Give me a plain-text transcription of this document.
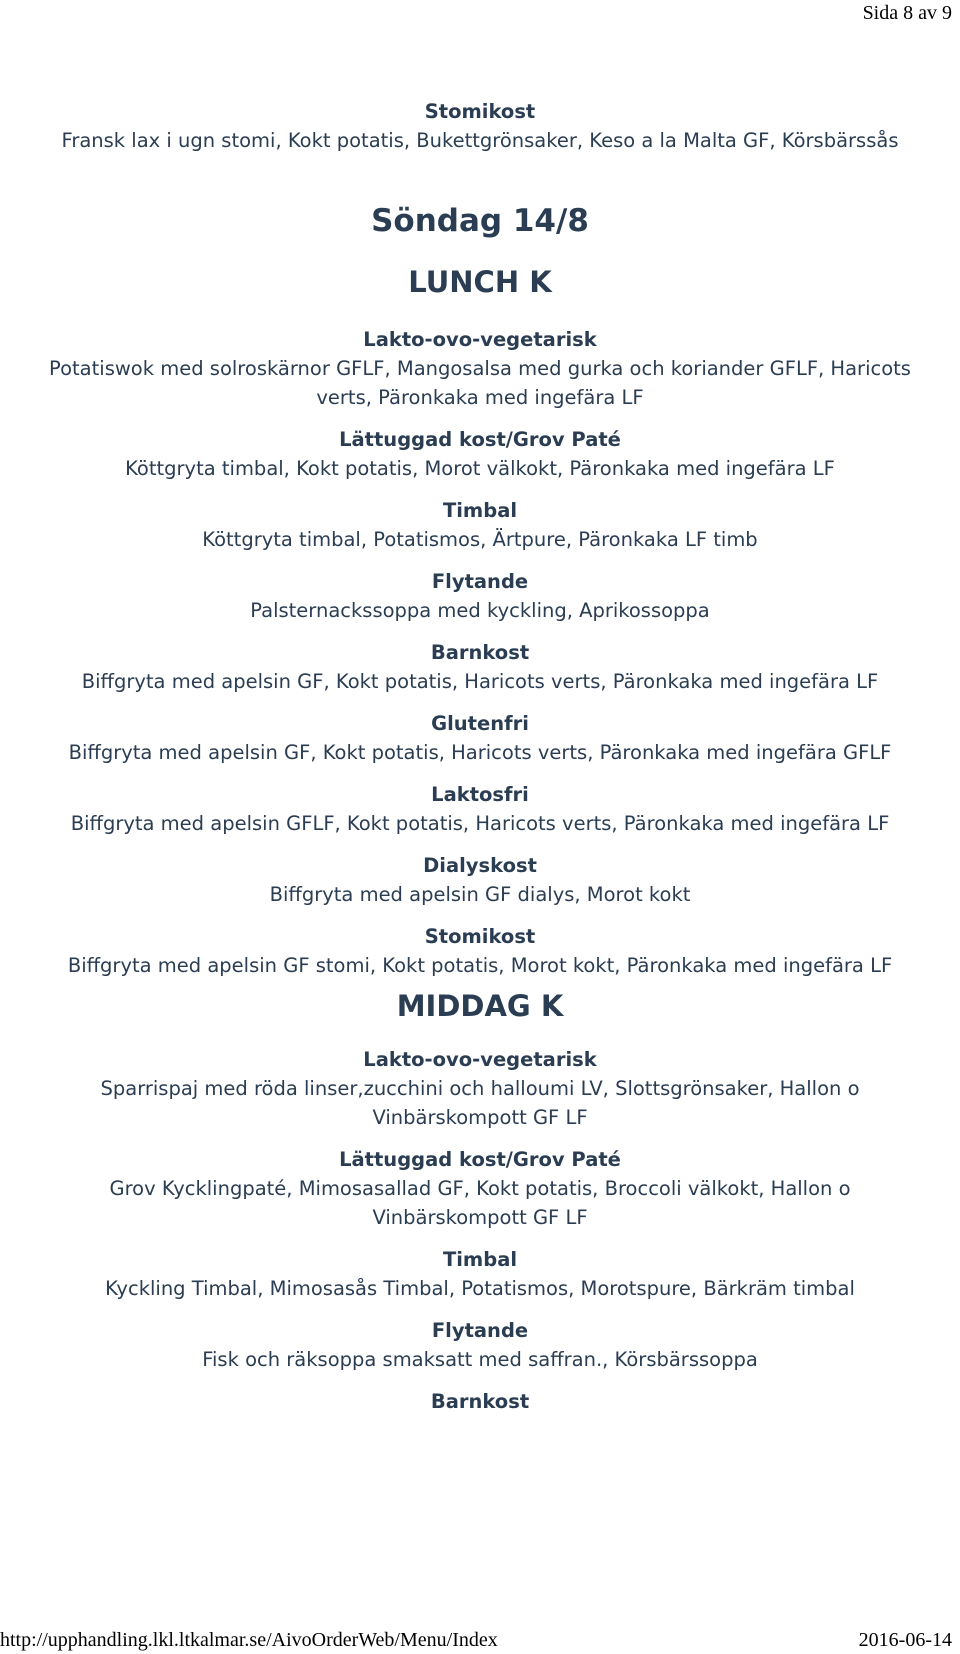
Sida 8 av 9

Stomikost

Fransk lax i ugn stomi, Kokt potatis, Bukettgrönsaker, Keso a la Malta GF, Körsbärssås

Söndag 14/8
LUNCH K

Lakto-ovo-vegetarisk

Potatiswok med solroskärnor GFLF, Mangosalsa med gurka och koriander GFLF, Haricots verts, Päronkaka med ingefära LF

Lättuggad kost/Grov Paté

Köttgryta timbal, Kokt potatis, Morot välkokt, Päronkaka med ingefära LF

Timbal

Köttgryta timbal, Potatismos, Ärtpure, Päronkaka LF timb

Flytande

Palsternackssoppa med kyckling, Aprikossoppa

Barnkost

Biffgryta med apelsin GF, Kokt potatis, Haricots verts, Päronkaka med ingefära LF

Glutenfri

Biffgryta med apelsin GF, Kokt potatis, Haricots verts, Päronkaka med ingefära GFLF

Laktosfri

Biffgryta med apelsin GFLF, Kokt potatis, Haricots verts, Päronkaka med ingefära LF

Dialyskost

Biffgryta med apelsin GF dialys, Morot kokt

Stomikost

Biffgryta med apelsin GF stomi, Kokt potatis, Morot kokt, Päronkaka med ingefära LF

MIDDAG K

Lakto-ovo-vegetarisk

Sparrispaj med röda linser,zucchini och halloumi LV, Slottsgrönsaker, Hallon o Vinbärskompott GF LF

Lättuggad kost/Grov Paté

Grov Kycklingpaté, Mimosasallad GF, Kokt potatis, Broccoli välkokt, Hallon o Vinbärskompott GF LF

Timbal

Kyckling Timbal, Mimosasås Timbal, Potatismos, Morotspure, Bärkräm timbal

Flytande

Fisk och räksoppa smaksatt med saffran., Körsbärssoppa

Barnkost

http://upphandling.lkl.ltkalmar.se/AivoOrderWeb/Menu/Index	2016-06-14
